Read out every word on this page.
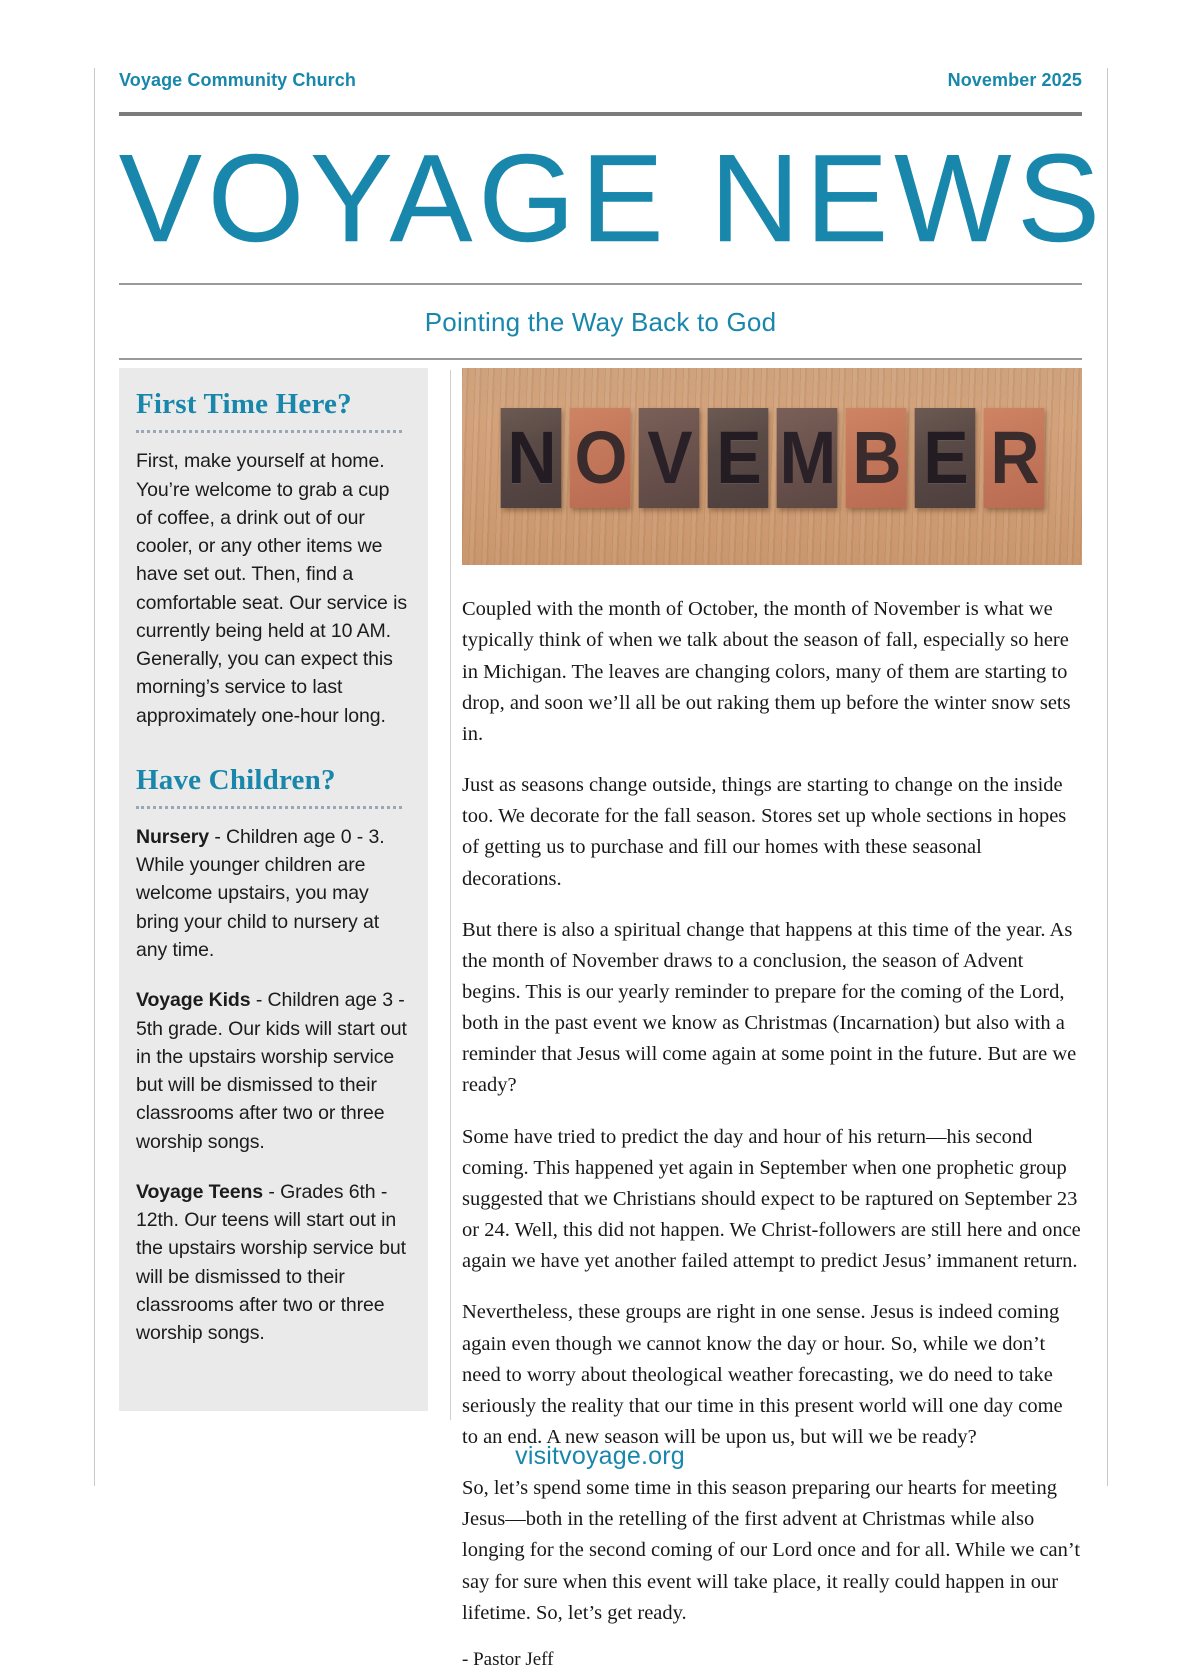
Voyage Community Church	November 2025
VOYAGE NEWS
Pointing the Way Back to God
First Time Here?

First, make yourself at home. You’re welcome to grab a cup of coffee, a drink out of our cooler, or any other items we have set out. Then, find a comfortable seat. Our service is currently being held at 10 AM. Generally, you can expect this morning’s service to last approximately one-hour long.

Have Children?

Nursery - Children age 0 - 3. While younger children are welcome upstairs, you may bring your child to nursery at any time.

Voyage Kids - Children age 3 - 5th grade. Our kids will start out in the upstairs worship service but will be dismissed to their classrooms after two or three worship songs.

Voyage Teens - Grades 6th - 12th. Our teens will start out in the upstairs worship service but will be dismissed to their classrooms after two or three worship songs.

N O V E M B E R

Coupled with the month of October, the month of November is what we typically think of when we talk about the season of fall, especially so here in Michigan. The leaves are changing colors, many of them are starting to drop, and soon we’ll all be out raking them up before the winter snow sets in.

Just as seasons change outside, things are starting to change on the inside too. We decorate for the fall season. Stores set up whole sections in hopes of getting us to purchase and fill our homes with these seasonal decorations.

But there is also a spiritual change that happens at this time of the year. As the month of November draws to a conclusion, the season of Advent begins. This is our yearly reminder to prepare for the coming of the Lord, both in the past event we know as Christmas (Incarnation) but also with a reminder that Jesus will come again at some point in the future. But are we ready?

Some have tried to predict the day and hour of his return—his second coming. This happened yet again in September when one prophetic group suggested that we Christians should expect to be raptured on September 23 or 24. Well, this did not happen. We Christ-followers are still here and once again we have yet another failed attempt to predict Jesus’ immanent return.

Nevertheless, these groups are right in one sense. Jesus is indeed coming again even though we cannot know the day or hour. So, while we don’t need to worry about theological weather forecasting, we do need to take seriously the reality that our time in this present world will one day come to an end. A new season will be upon us, but will we be ready?

So, let’s spend some time in this season preparing our hearts for meeting Jesus—both in the retelling of the first advent at Christmas while also longing for the second coming of our Lord once and for all. While we can’t say for sure when this event will take place, it really could happen in our lifetime. So, let’s get ready.

- Pastor Jeff

visitvoyage.org
